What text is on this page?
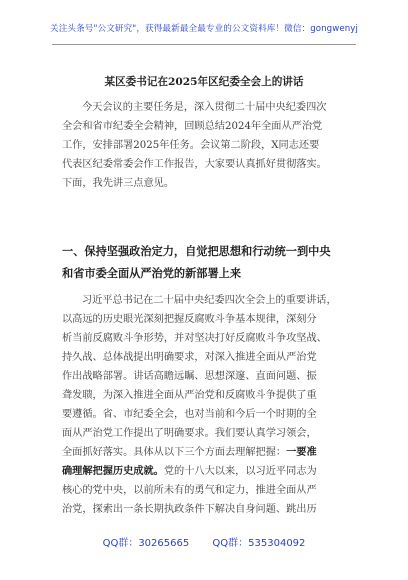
关注头条号"公文研究"，获得最新最全最专业的公文资料库！微信：gongwenyj
某区委书记在2025年区纪委全会上的讲话
今天会议的主要任务是，深入贯彻二十届中央纪委四次
全会和省市纪委全会精神，回顾总结2024年全面从严治党
工作，安排部署2025年任务。会议第二阶段，X同志还要
代表区纪委常委会作工作报告，大家要认真抓好贯彻落实。
下面，我先讲三点意见。
一、保持坚强政治定力，自觉把思想和行动统一到中央
和省市委全面从严治党的新部署上来
习近平总书记在二十届中央纪委四次全会上的重要讲话，
以高远的历史眼光深刻把握反腐败斗争基本规律，深刻分
析当前反腐败斗争形势，并对坚决打好反腐败斗争攻坚战、
持久战、总体战提出明确要求，对深入推进全面从严治党
作出战略部署。讲话高瞻远瞩、思想深邃、直面问题、振
聋发聩，为深入推进全面从严治党和反腐败斗争提供了重
要遵循。省、市纪委全会，也对当前和今后一个时期的全
面从严治党工作提出了明确要求。我们要认真学习领会，
全面抓好落实。具体从以下三个方面去理解把握：一要准
确理解把握历史成就。党的十八大以来，以习近平同志为
核心的党中央，以前所未有的勇气和定力，推进全面从严
治党，探索出一条长期执政条件下解决自身问题、跳出历
QQ群：30265665 QQ群：535304092
